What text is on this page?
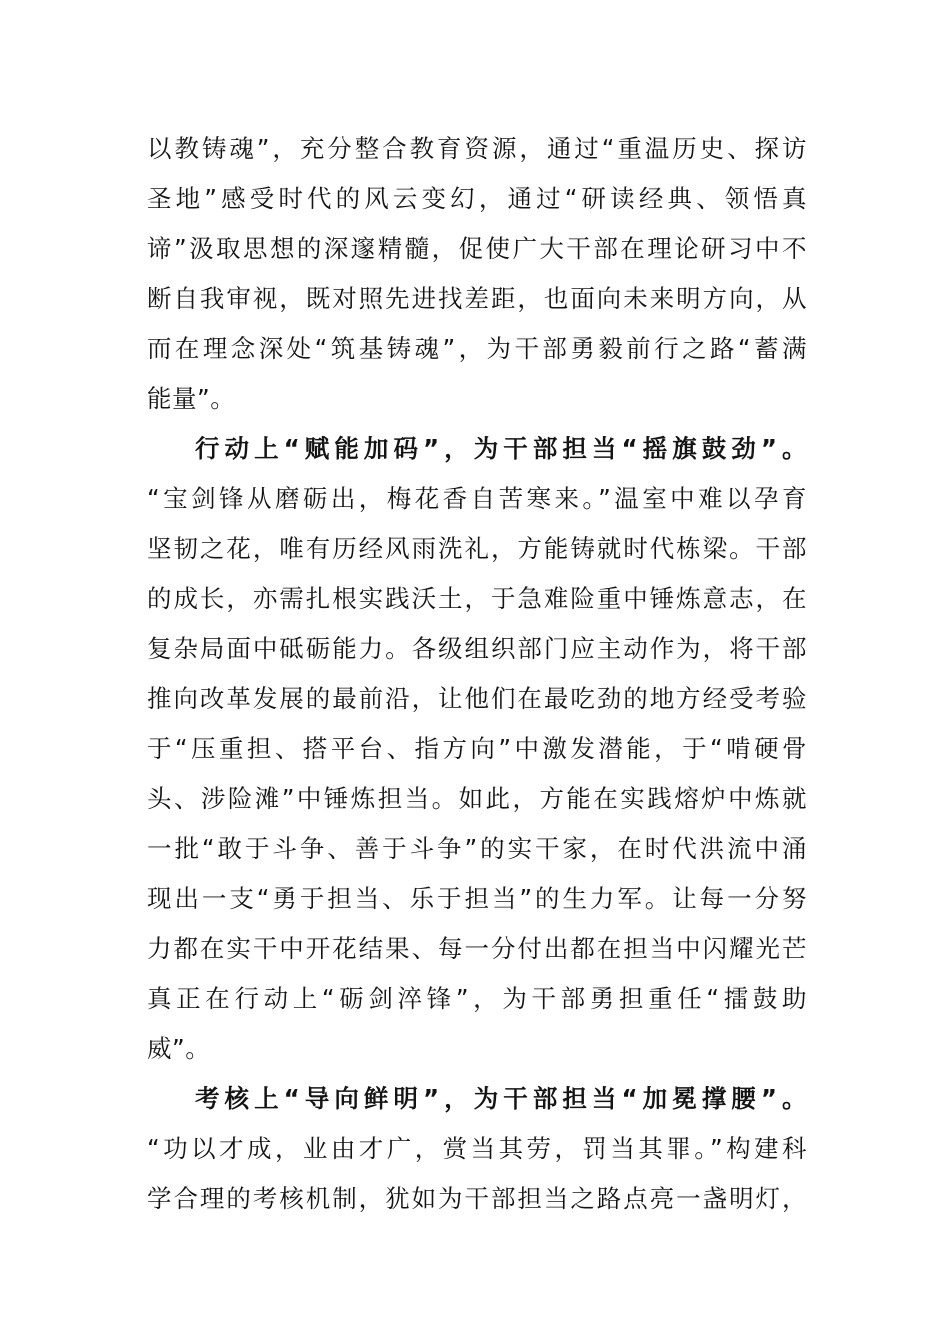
以教铸魂”，充分整合教育资源，通过“重温历史、探访
圣地”感受时代的风云变幻，通过“研读经典、领悟真
谛”汲取思想的深邃精髓，促使广大干部在理论研习中不
断自我审视，既对照先进找差距，也面向未来明方向，从
而在理念深处“筑基铸魂”，为干部勇毅前行之路“蓄满
能量”。
行动上“赋能加码”，为干部担当“摇旗鼓劲”。
“宝剑锋从磨砺出，梅花香自苦寒来。”温室中难以孕育
坚韧之花，唯有历经风雨洗礼，方能铸就时代栋梁。干部
的成长，亦需扎根实践沃土，于急难险重中锤炼意志，在
复杂局面中砥砺能力。各级组织部门应主动作为，将干部
推向改革发展的最前沿，让他们在最吃劲的地方经受考验
于“压重担、搭平台、指方向”中激发潜能，于“啃硬骨
头、涉险滩”中锤炼担当。如此，方能在实践熔炉中炼就
一批“敢于斗争、善于斗争”的实干家，在时代洪流中涌
现出一支“勇于担当、乐于担当”的生力军。让每一分努
力都在实干中开花结果、每一分付出都在担当中闪耀光芒
真正在行动上“砺剑淬锋”，为干部勇担重任“擂鼓助
威”。
考核上“导向鲜明”，为干部担当“加冕撑腰”。
“功以才成，业由才广，赏当其劳，罚当其罪。”构建科
学合理的考核机制，犹如为干部担当之路点亮一盏明灯，
